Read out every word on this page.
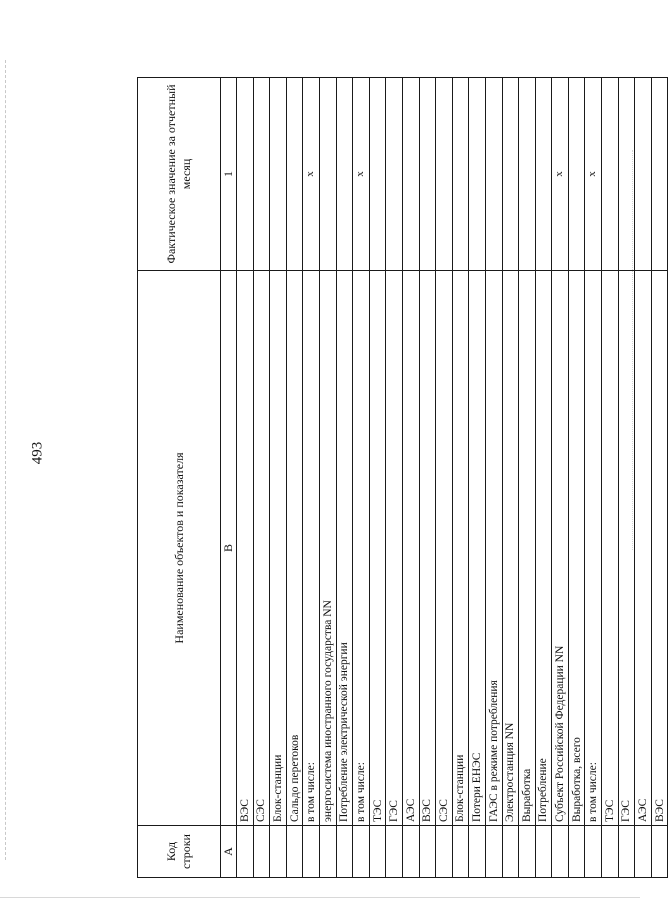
493
Код строки	Наименование объектов и показателя	Фактическое значение за отчетный месяц
А	В	1
	ВЭС	
	СЭС	
	Блок-станции	
	Сальдо перетоков	
	в том числе:	х
	энергосистема иностранного государства NN	
	Потребление электрической энергии	
	в том числе:	х
	ТЭС	
	ГЭС	
	АЭС	
	ВЭС	
	СЭС	
	Блок-станции	
	Потери ЕНЭС	
	ГАЭС в режиме потребления	
	Электростанция NN	
	Выработка	
	Потребление	
	Субъект Российской Федерации NN	х
	Выработка, всего	
	в том числе:	х
	ТЭС	
	ГЭС	
	АЭС	
	ВЭС	
